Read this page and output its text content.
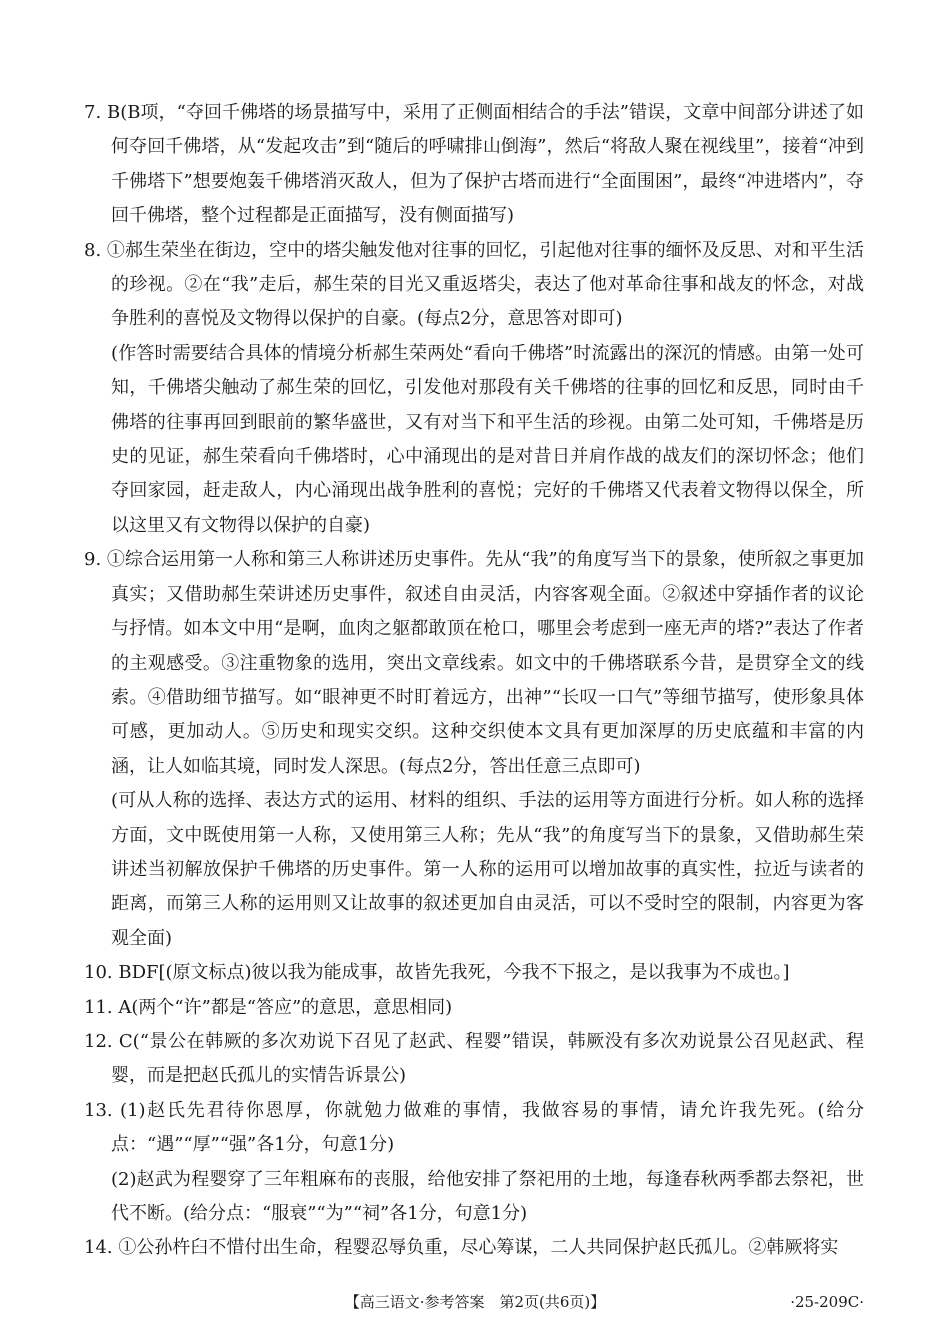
7. B(B项，“夺回千佛塔的场景描写中，采用了正侧面相结合的手法”错误，文章中间部分讲述了如何夺回千佛塔，从“发起攻击”到“随后的呼啸排山倒海”，然后“将敌人聚在视线里”，接着“冲到千佛塔下”想要炮轰千佛塔消灭敌人，但为了保护古塔而进行“全面围困”，最终“冲进塔内”，夺回千佛塔，整个过程都是正面描写，没有侧面描写)

8. ①郝生荣坐在街边，空中的塔尖触发他对往事的回忆，引起他对往事的缅怀及反思、对和平生活的珍视。②在“我”走后，郝生荣的目光又重返塔尖，表达了他对革命往事和战友的怀念，对战争胜利的喜悦及文物得以保护的自豪。(每点2分，意思答对即可)

(作答时需要结合具体的情境分析郝生荣两处“看向千佛塔”时流露出的深沉的情感。由第一处可知，千佛塔尖触动了郝生荣的回忆，引发他对那段有关千佛塔的往事的回忆和反思，同时由千佛塔的往事再回到眼前的繁华盛世，又有对当下和平生活的珍视。由第二处可知，千佛塔是历史的见证，郝生荣看向千佛塔时，心中涌现出的是对昔日并肩作战的战友们的深切怀念；他们夺回家园，赶走敌人，内心涌现出战争胜利的喜悦；完好的千佛塔又代表着文物得以保全，所以这里又有文物得以保护的自豪)

9. ①综合运用第一人称和第三人称讲述历史事件。先从“我”的角度写当下的景象，使所叙之事更加真实；又借助郝生荣讲述历史事件，叙述自由灵活，内容客观全面。②叙述中穿插作者的议论与抒情。如本文中用“是啊，血肉之躯都敢顶在枪口，哪里会考虑到一座无声的塔?”表达了作者的主观感受。③注重物象的选用，突出文章线索。如文中的千佛塔联系今昔，是贯穿全文的线索。④借助细节描写。如“眼神更不时盯着远方，出神”“长叹一口气”等细节描写，使形象具体可感，更加动人。⑤历史和现实交织。这种交织使本文具有更加深厚的历史底蕴和丰富的内涵，让人如临其境，同时发人深思。(每点2分，答出任意三点即可)

(可从人称的选择、表达方式的运用、材料的组织、手法的运用等方面进行分析。如人称的选择方面，文中既使用第一人称，又使用第三人称；先从“我”的角度写当下的景象，又借助郝生荣讲述当初解放保护千佛塔的历史事件。第一人称的运用可以增加故事的真实性，拉近与读者的距离，而第三人称的运用则又让故事的叙述更加自由灵活，可以不受时空的限制，内容更为客观全面)

10. BDF[(原文标点)彼以我为能成事，故皆先我死，今我不下报之，是以我事为不成也。]

11. A(两个“许”都是“答应”的意思，意思相同)

12. C(“景公在韩厥的多次劝说下召见了赵武、程婴”错误，韩厥没有多次劝说景公召见赵武、程婴，而是把赵氏孤儿的实情告诉景公)

13. (1)赵氏先君待你恩厚，你就勉力做难的事情，我做容易的事情，请允许我先死。(给分点：“遇”“厚”“强”各1分，句意1分)

(2)赵武为程婴穿了三年粗麻布的丧服，给他安排了祭祀用的土地，每逢春秋两季都去祭祀，世代不断。(给分点：“服衰”“为”“祠”各1分，句意1分)

14. ①公孙杵臼不惜付出生命，程婴忍辱负重，尽心筹谋，二人共同保护赵氏孤儿。②韩厥将实

【高三语文·参考答案　第2页(共6页)】	·25-209C·
